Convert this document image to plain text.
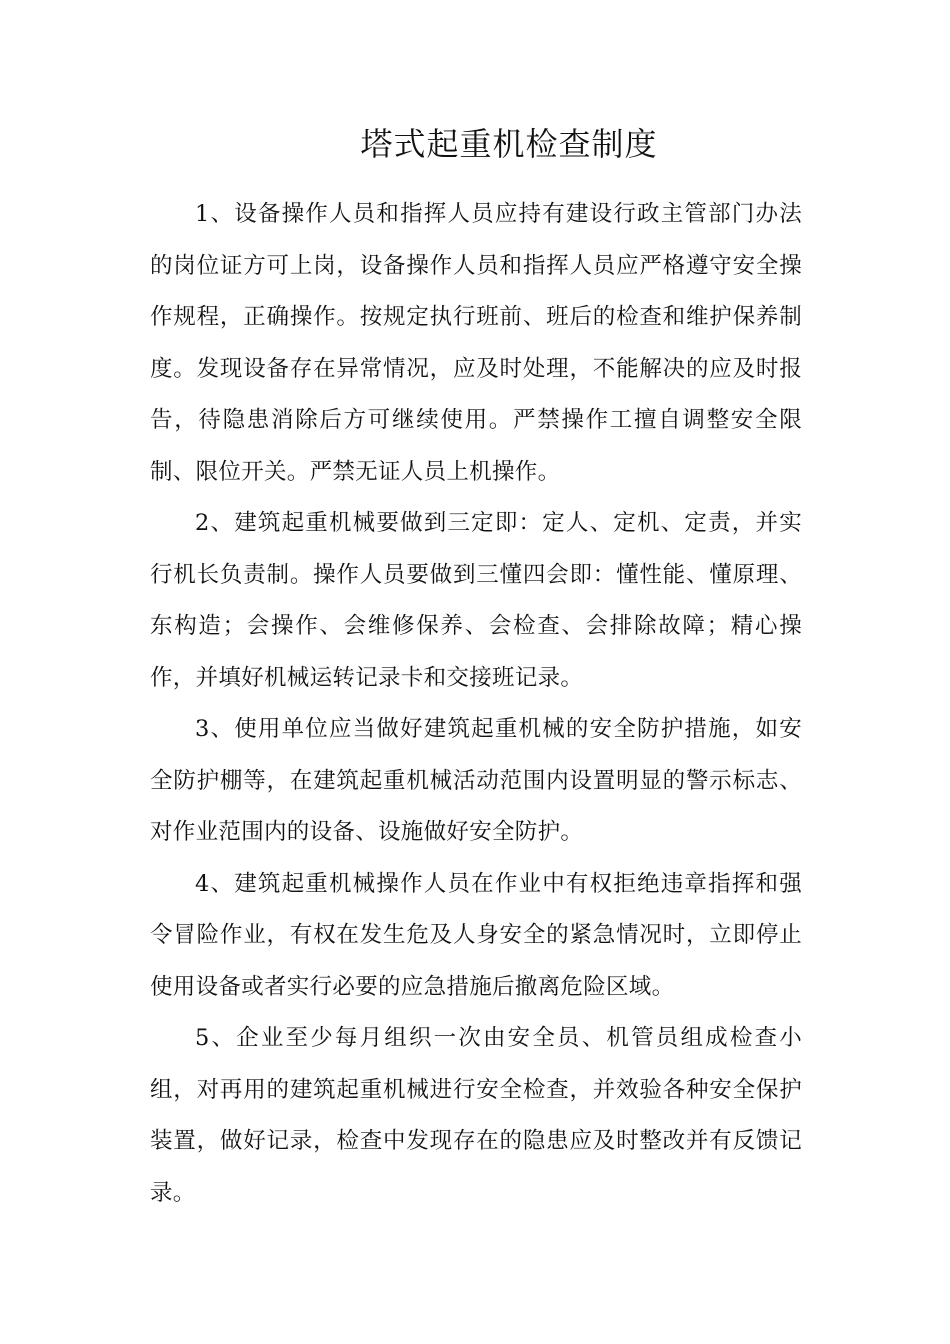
塔式起重机检查制度

1、设备操作人员和指挥人员应持有建设行政主管部门办法的岗位证方可上岗，设备操作人员和指挥人员应严格遵守安全操作规程，正确操作。按规定执行班前、班后的检查和维护保养制度。发现设备存在异常情况，应及时处理，不能解决的应及时报告，待隐患消除后方可继续使用。严禁操作工擅自调整安全限制、限位开关。严禁无证人员上机操作。

2、建筑起重机械要做到三定即：定人、定机、定责，并实行机长负责制。操作人员要做到三懂四会即：懂性能、懂原理、东构造；会操作、会维修保养、会检查、会排除故障；精心操作，并填好机械运转记录卡和交接班记录。

3、使用单位应当做好建筑起重机械的安全防护措施，如安全防护棚等，在建筑起重机械活动范围内设置明显的警示标志、对作业范围内的设备、设施做好安全防护。

4、建筑起重机械操作人员在作业中有权拒绝违章指挥和强令冒险作业，有权在发生危及人身安全的紧急情况时，立即停止使用设备或者实行必要的应急措施后撤离危险区域。

5、企业至少每月组织一次由安全员、机管员组成检查小组，对再用的建筑起重机械进行安全检查，并效验各种安全保护装置，做好记录，检查中发现存在的隐患应及时整改并有反馈记录。
